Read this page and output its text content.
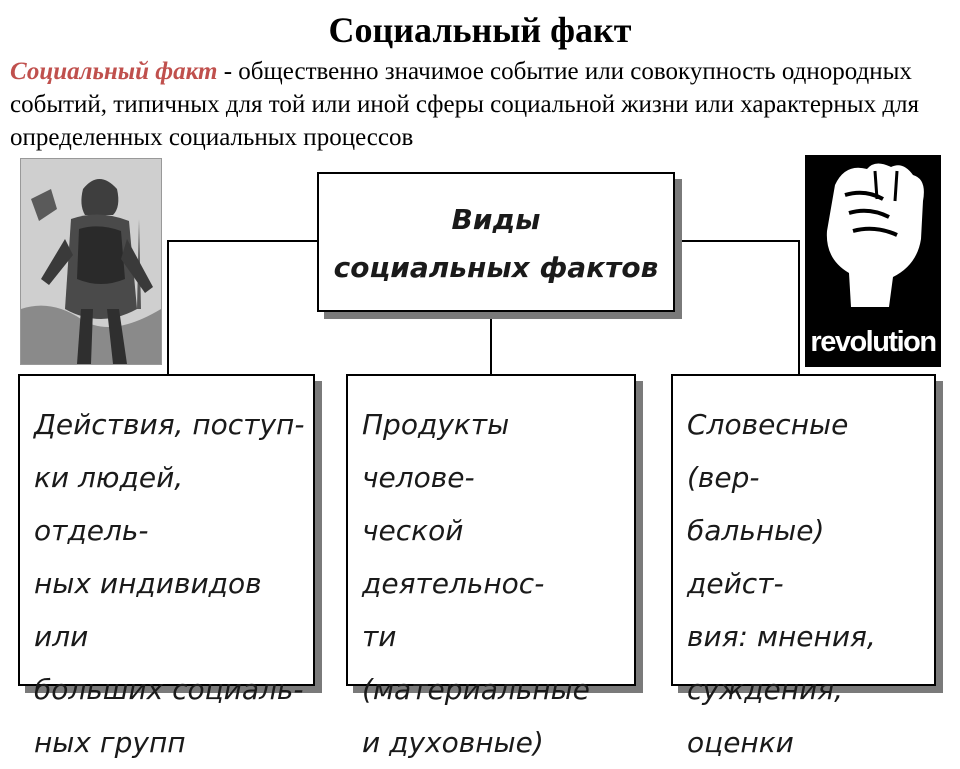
Социальный факт
Социальный факт - общественно значимое событие или совокупность однородных событий, типичных для той или иной сферы социальной жизни или характерных для определенных социальных процессов
revolution
Виды
социальных фактов
Действия, поступ-
ки людей, отдель-
ных индивидов или
больших социаль-
ных групп
Продукты челове-
ческой деятельнос-
ти (материальные
и духовные)
Словесные (вер-
бальные) дейст-
вия: мнения,
суждения,
оценки
